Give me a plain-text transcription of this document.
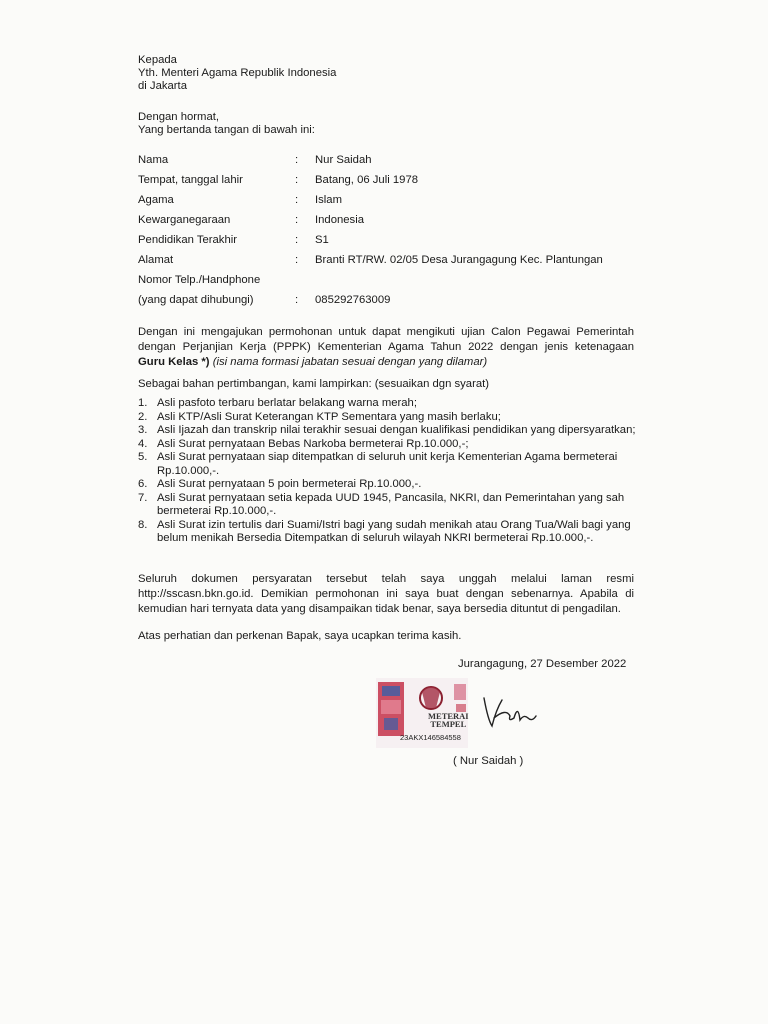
Kepada
Yth. Menteri Agama Republik Indonesia
di Jakarta
Dengan hormat,
Yang bertanda tangan di bawah ini:
Nama	: Nur Saidah
Tempat, tanggal lahir	: Batang, 06 Juli 1978
Agama	: Islam
Kewarganegaraan	: Indonesia
Pendidikan Terakhir	: S1
Alamat	: Branti RT/RW. 02/05 Desa Jurangagung Kec. Plantungan
Nomor Telp./Handphone
(yang dapat dihubungi)	: 085292763009
Dengan ini mengajukan permohonan untuk dapat mengikuti ujian Calon Pegawai Pemerintah
dengan Perjanjian Kerja (PPPK) Kementerian Agama Tahun 2022 dengan jenis ketenagaan
Guru Kelas *) (isi nama formasi jabatan sesuai dengan yang dilamar)
Sebagai bahan pertimbangan, kami lampirkan: (sesuaikan dgn syarat)
1. Asli pasfoto terbaru berlatar belakang warna merah;
2. Asli KTP/Asli Surat Keterangan KTP Sementara yang masih berlaku;
3. Asli Ijazah dan transkrip nilai terakhir sesuai dengan kualifikasi pendidikan yang dipersyaratkan;
4. Asli Surat pernyataan Bebas Narkoba bermeterai Rp.10.000,-;
5. Asli Surat pernyataan siap ditempatkan di seluruh unit kerja Kementerian Agama bermeterai
Rp.10.000,-.
6. Asli Surat pernyataan 5 poin bermeterai Rp.10.000,-.
7. Asli Surat pernyataan setia kepada UUD 1945, Pancasila, NKRI, dan Pemerintahan yang sah
bermeterai Rp.10.000,-.
8. Asli Surat izin tertulis dari Suami/Istri bagi yang sudah menikah atau Orang Tua/Wali bagi yang
belum menikah Bersedia Ditempatkan di seluruh wilayah NKRI bermeterai Rp.10.000,-.
Seluruh dokumen persyaratan tersebut telah saya unggah melalui laman resmi
http://sscasn.bkn.go.id. Demikian permohonan ini saya buat dengan sebenarnya. Apabila di
kemudian hari ternyata data yang disampaikan tidak benar, saya bersedia dituntut di pengadilan.
Atas perhatian dan perkenan Bapak, saya ucapkan terima kasih.
Jurangagung, 27 Desember 2022
METERAI
TEMPEL
23AKX146584558
( Nur Saidah )
